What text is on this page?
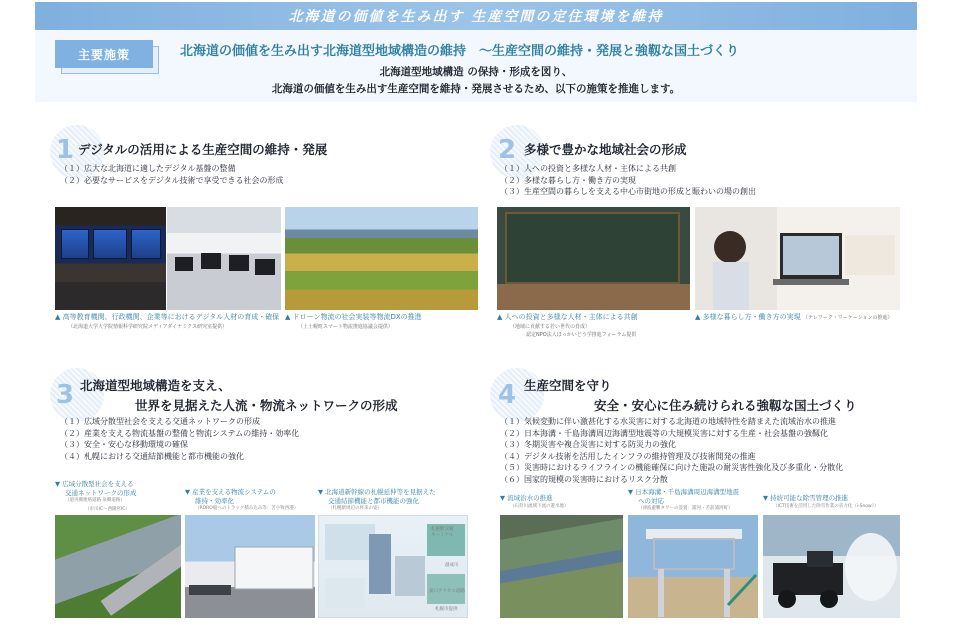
北海道の価値を生み出す 生産空間の定住環境を維持
主要施策	北海道の価値を生み出す北海道型地域構造の維持　～生産空間の維持・発展と強靱な国土づくり
北海道型地域構造 の保持・形成を図り、
北海道の価値を生み出す生産空間を維持・発展させるため、以下の施策を推進します。
1 デジタルの活用による生産空間の維持・発展
（１）広大な北海道に適したデジタル基盤の整備
（２）必要なサービスをデジタル技術で享受できる社会の形成
▲ 高等教育機関、行政機関、企業等におけるデジタル人材の育成・確保
（北海道大学大学院情報科学研究院メディアダイナミクス研究室提供）
▲ ドローン物流の社会実装等物流DXの推進
（上士幌町スマート物流推進協議会提供）
2 多様で豊かな地域社会の形成
（１）人への投資と多様な人材・主体による共創
（２）多様な暮らし方・働き方の実現
（３）生産空間の暮らしを支える中心市街地の形成と賑わいの場の創出
▲ 人への投資と多様な人材・主体による共創
（地域に貢献する若い世代の育成）
認定NPO法人ほっかいどう学推進フォーラム提供
▲ 多様な暮らし方・働き方の実現 （テレワーク・ワーケーションの推進）
3 北海道型地域構造を支え、
世界を見据えた人流・物流ネットワークの形成
（１）広域分散型社会を支える交通ネットワークの形成
（２）産業を支える物流基盤の整備と物流システムの維持・効率化
（３）安全・安心な移動環境の確保
（４）札幌における交通結節機能と都市機能の強化
▼ 広域分散型社会を支える
交通ネットワークの形成
（道央圏連絡道路 泉郷道路）
（市川IC～西隆宮IC）
▼ 産業を支える物流システムの
維持・効率化
（RORO船へのトラック積み込み等：苫小牧西港）
▼ 北海道新幹線の札幌延伸等を見据えた
交通結節機能と都市機能の強化
（札幌駅周辺の将来の姿）
札幌駅交通
ターミナル
創成川
東口アクセス道路
札幌市提供
4 生産空間を守り
安全・安心に住み続けられる強靱な国土づくり
（１）気候変動に伴い激甚化する水災害に対する北海道の地域特性を踏まえた流域治水の推進
（２）日本海溝・千島海溝周辺海溝型地震等の大規模災害に対する生産・社会基盤の強靱化
（３）冬期災害や複合災害に対する防災力の強化
（４）デジタル技術を活用したインフラの維持管理及び技術開発の推進
（５）災害時におけるライフラインの機能確保に向けた施設の耐災害性強化及び多重化・分散化
（６）国家的規模の災害時におけるリスク分散
▼ 流域治水の推進
（石狩川流域下流の遊水地）
▼ 日本海溝・千島海溝周辺海溝型地震
への対応
（津波避難タワーの設置：浦河・苫前浦河町）
▼ 持続可能な除雪管理の推進
（ICT技術を活用した除雪作業の省力化（i-Snow））
